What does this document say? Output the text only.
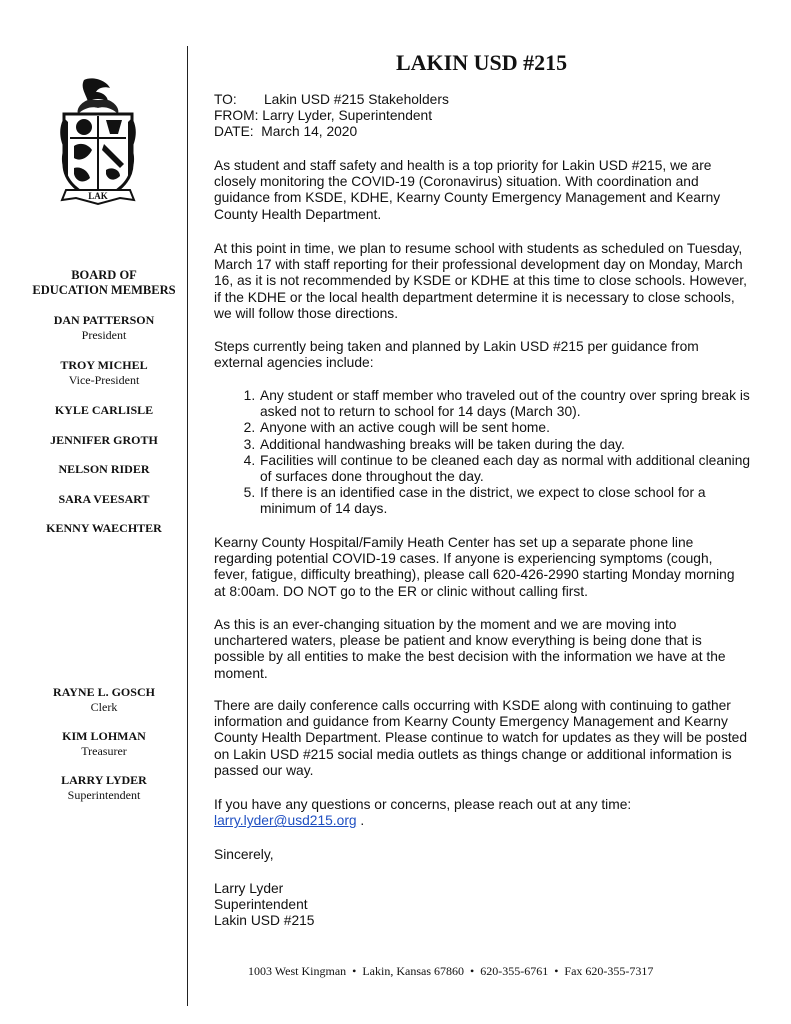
LAK
BOARD OF
EDUCATION MEMBERS
DAN PATTERSON
President
TROY MICHEL
Vice-President
KYLE CARLISLE
JENNIFER GROTH
NELSON RIDER
SARA VEESART
KENNY WAECHTER
RAYNE L. GOSCH
Clerk
KIM LOHMAN
Treasurer
LARRY LYDER
Superintendent
LAKIN USD #215
TO: Lakin USD #215 Stakeholders
FROM: Larry Lyder, Superintendent
DATE: March 14, 2020
As student and staff safety and health is a top priority for Lakin USD #215, we are closely monitoring the COVID-19 (Coronavirus) situation. With coordination and guidance from KSDE, KDHE, Kearny County Emergency Management and Kearny County Health Department.
At this point in time, we plan to resume school with students as scheduled on Tuesday, March 17 with staff reporting for their professional development day on Monday, March 16, as it is not recommended by KSDE or KDHE at this time to close schools. However, if the KDHE or the local health department determine it is necessary to close schools, we will follow those directions.
Steps currently being taken and planned by Lakin USD #215 per guidance from external agencies include:
1. Any student or staff member who traveled out of the country over spring break is asked not to return to school for 14 days (March 30).
2. Anyone with an active cough will be sent home.
3. Additional handwashing breaks will be taken during the day.
4. Facilities will continue to be cleaned each day as normal with additional cleaning of surfaces done throughout the day.
5. If there is an identified case in the district, we expect to close school for a minimum of 14 days.
Kearny County Hospital/Family Heath Center has set up a separate phone line regarding potential COVID-19 cases. If anyone is experiencing symptoms (cough, fever, fatigue, difficulty breathing), please call 620-426-2990 starting Monday morning at 8:00am. DO NOT go to the ER or clinic without calling first.
As this is an ever-changing situation by the moment and we are moving into unchartered waters, please be patient and know everything is being done that is possible by all entities to make the best decision with the information we have at the moment.
There are daily conference calls occurring with KSDE along with continuing to gather information and guidance from Kearny County Emergency Management and Kearny County Health Department. Please continue to watch for updates as they will be posted on Lakin USD #215 social media outlets as things change or additional information is passed our way.
If you have any questions or concerns, please reach out at any time:
larry.lyder@usd215.org .
Sincerely,
Larry Lyder
Superintendent
Lakin USD #215
1003 West Kingman • Lakin, Kansas 67860 • 620-355-6761 • Fax 620-355-7317
